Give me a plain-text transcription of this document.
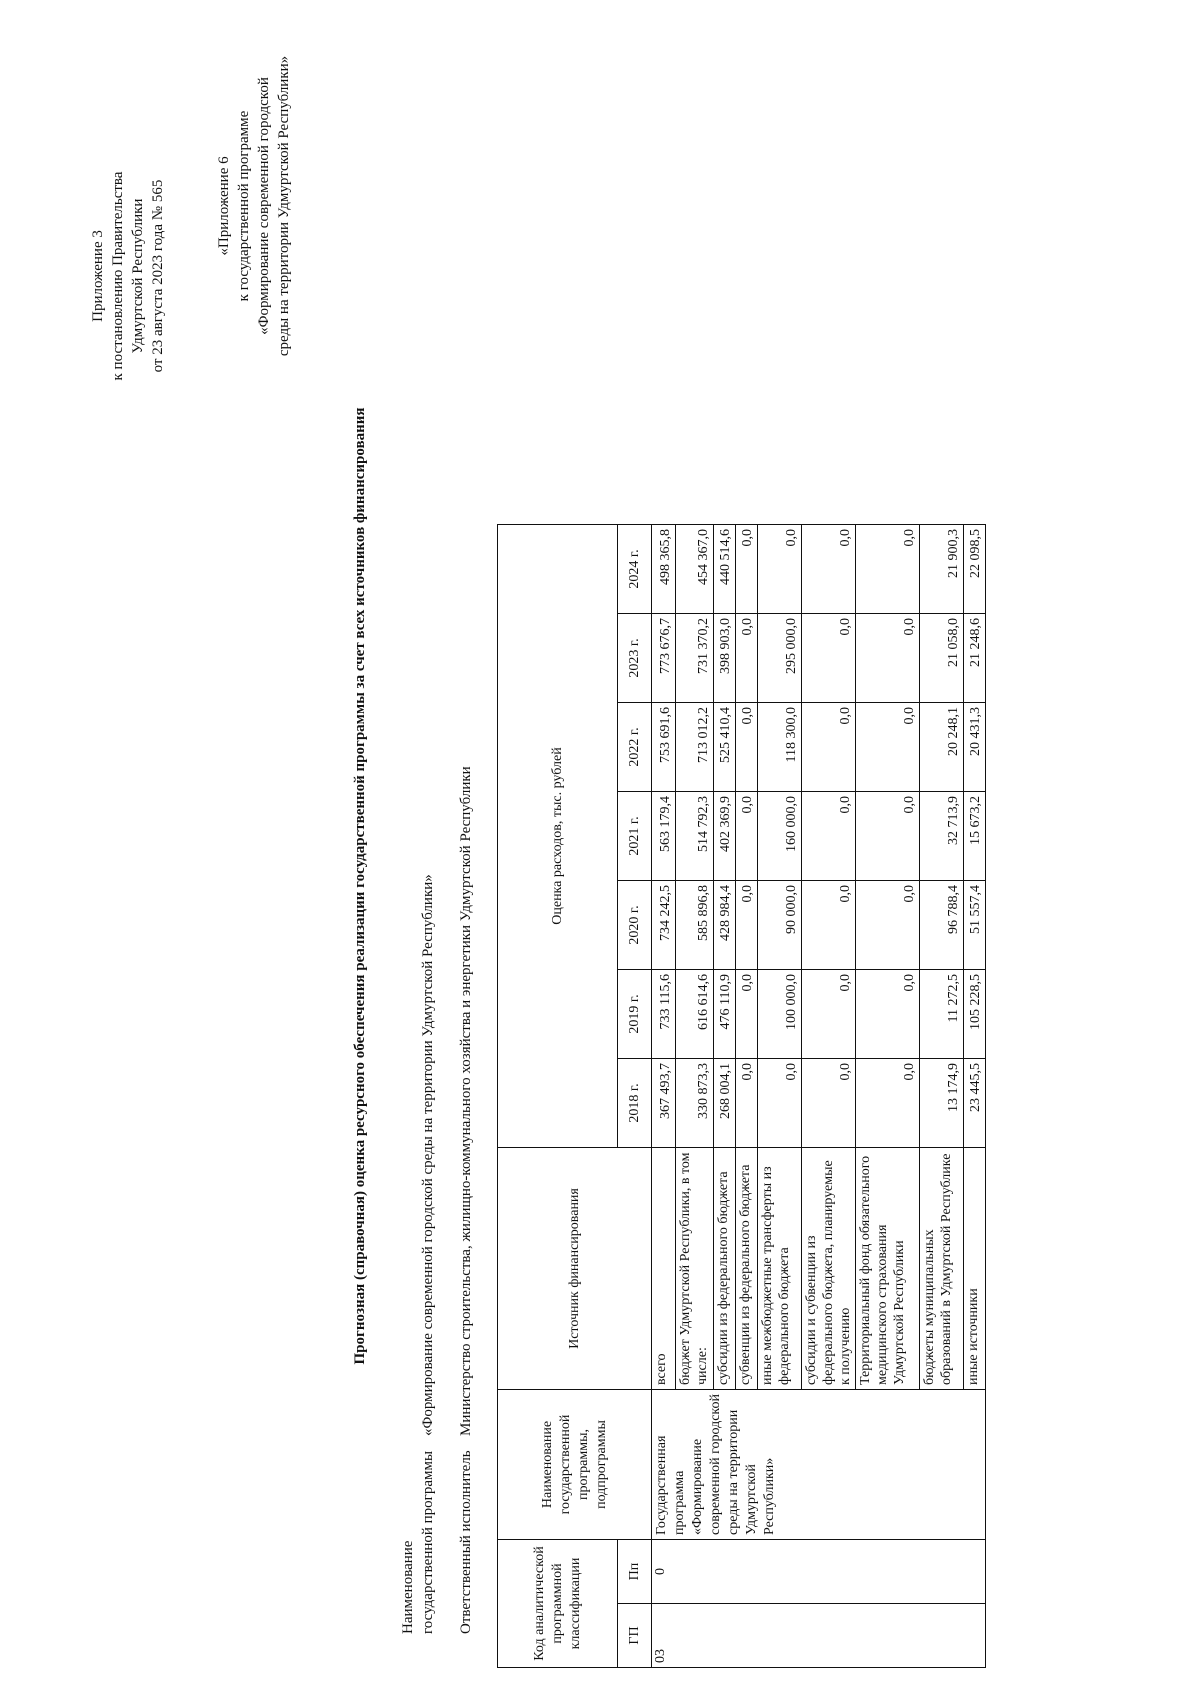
Приложение 3 к постановлению Правительства Удмуртской Республики от 23 августа 2023 года № 565	«Приложение 6 к государственной программе «Формирование современной городской среды на территории Удмуртской Республики»
Прогнозная (справочная) оценка ресурсного обеспечения реализации государственной программы за счет всех источников финансирования
Наименование государственной программы
«Формирование современной городской среды на территории Удмуртской Республики»
Ответственный исполнитель
Министерство строительства, жилищно-коммунального хозяйства и энергетики Удмуртской Республики
Код аналитической программной классификации		Наименование государственной программы, подпрограммы	Источник финансирования	Оценка расходов, тыс. рублей						
ГП	Пп			2018 г.	2019 г.	2020 г.	2021 г.	2022 г.	2023 г.	2024 г.
03	0	Государственная программа «Формирование современной городской среды на территории Удмуртской Республики»	всего	367 493,7	733 115,6	734 242,5	563 179,4	753 691,6	773 676,7	498 365,8
			бюджет Удмуртской Республики, в том числе:	330 873,3	616 614,6	585 896,8	514 792,3	713 012,2	731 370,2	454 367,0
			субсидии из федерального бюджета	268 004,1	476 110,9	428 984,4	402 369,9	525 410,4	398 903,0	440 514,6
			субвенции из федерального бюджета	0,0	0,0	0,0	0,0	0,0	0,0	0,0
			иные межбюджетные трансферты из федерального бюджета	0,0	100 000,0	90 000,0	160 000,0	118 300,0	295 000,0	0,0
			субсидии и субвенции из федерального бюджета, планируемые к получению	0,0	0,0	0,0	0,0	0,0	0,0	0,0
			Территориальный фонд обязательного медицинского страхования Удмуртской Республики	0,0	0,0	0,0	0,0	0,0	0,0	0,0
			бюджеты муниципальных образований в Удмуртской Республике	13 174,9	11 272,5	96 788,4	32 713,9	20 248,1	21 058,0	21 900,3
			иные источники	23 445,5	105 228,5	51 557,4	15 673,2	20 431,3	21 248,6	22 098,5
